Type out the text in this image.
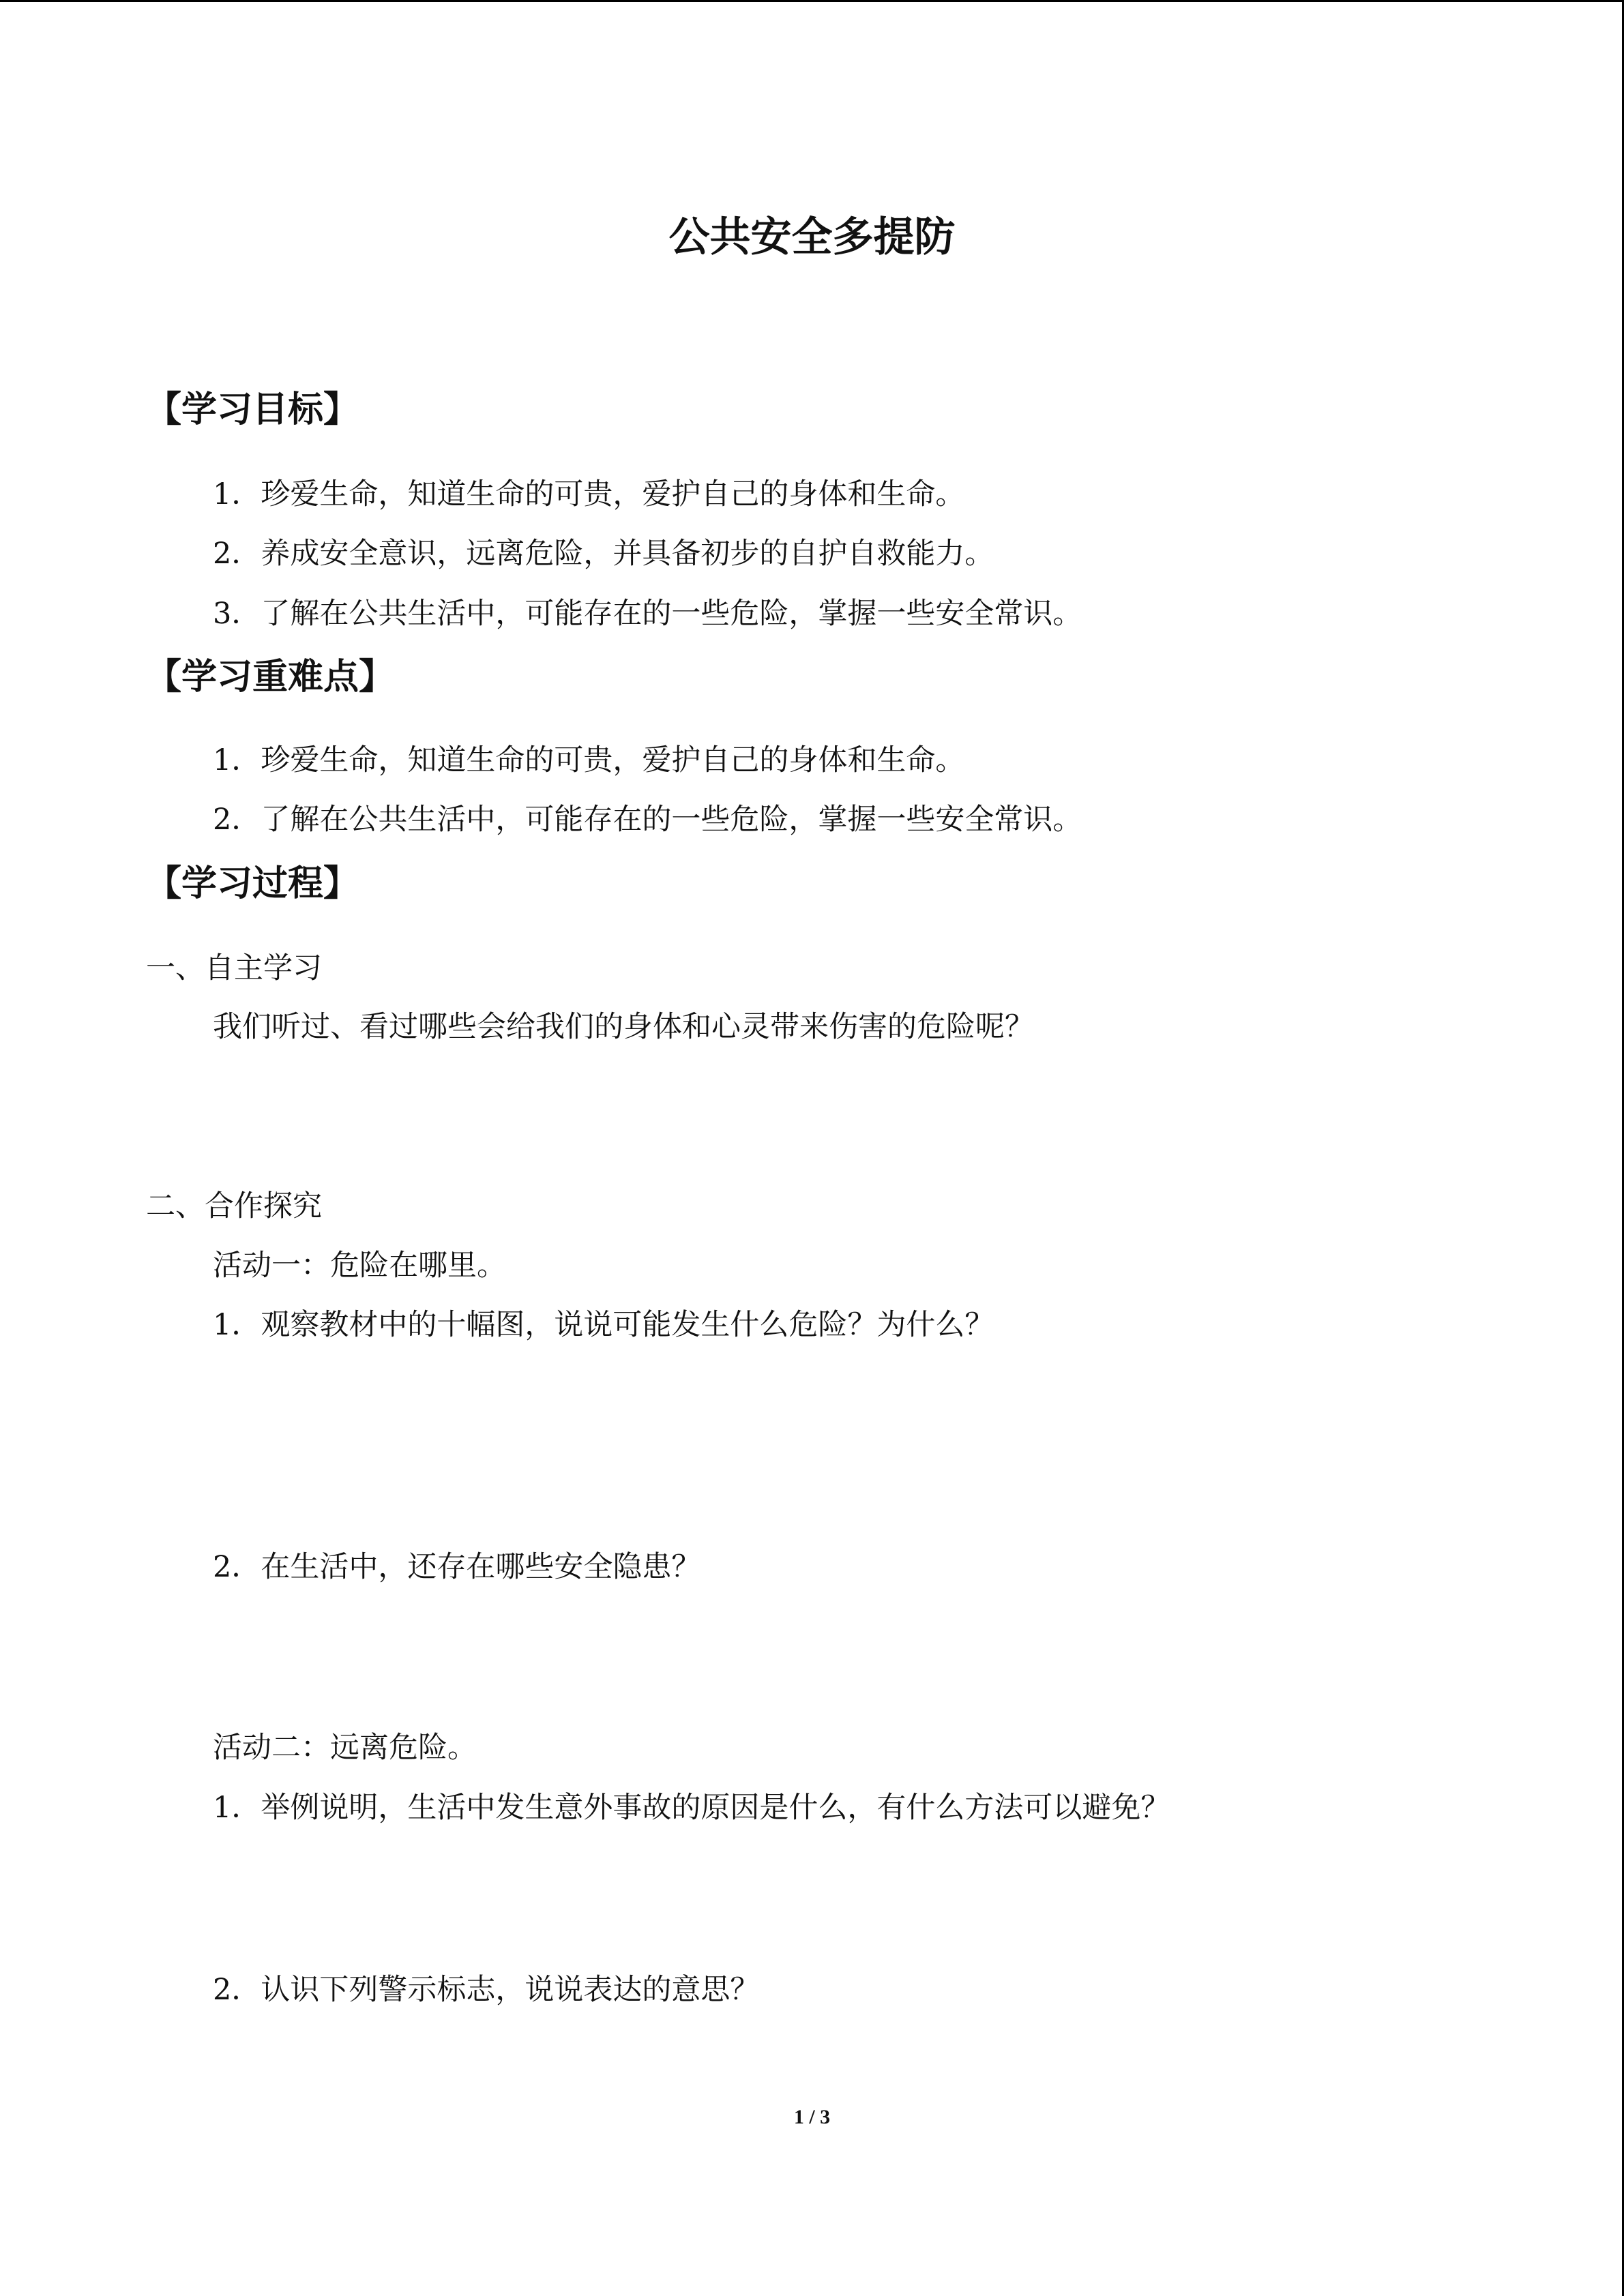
公共安全多提防
【学习目标】
1．珍爱生命，知道生命的可贵，爱护自己的身体和生命。
2．养成安全意识，远离危险，并具备初步的自护自救能力。
3．了解在公共生活中，可能存在的一些危险，掌握一些安全常识。
【学习重难点】
1．珍爱生命，知道生命的可贵，爱护自己的身体和生命。
2．了解在公共生活中，可能存在的一些危险，掌握一些安全常识。
【学习过程】
一、自主学习
我们听过、看过哪些会给我们的身体和心灵带来伤害的危险呢？
二、合作探究
活动一：危险在哪里。
1．观察教材中的十幅图，说说可能发生什么危险？为什么？
2．在生活中，还存在哪些安全隐患？
活动二：远离危险。
1．举例说明，生活中发生意外事故的原因是什么，有什么方法可以避免？
2．认识下列警示标志，说说表达的意思？
1 / 3
